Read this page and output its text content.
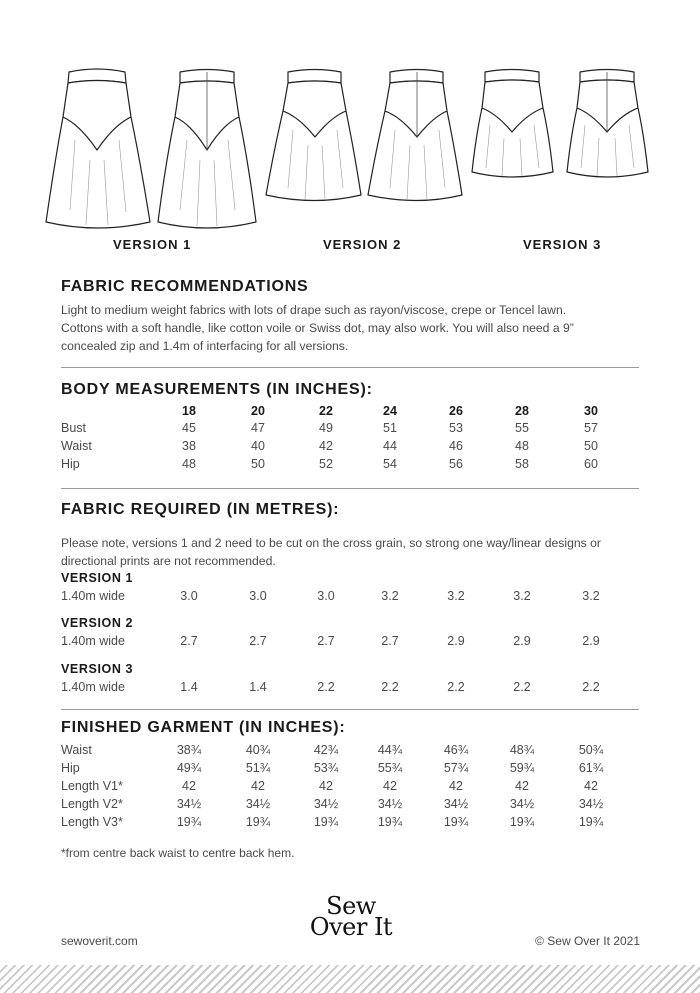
VERSION 1	VERSION 2	VERSION 3
FABRIC RECOMMENDATIONS

Light to medium weight fabrics with lots of drape such as rayon/viscose, crepe or Tencel lawn.

Cottons with a soft handle, like cotton voile or Swiss dot, may also work. You will also need a 9”

concealed zip and 1.4m of interfacing for all versions.

BODY MEASUREMENTS (IN INCHES):
18	20	22	24	26	28	30
Bust	45	47	49	51	53	55	57
Waist	38	40	42	44	46	48	50
Hip	48	50	52	54	56	58	60
FABRIC REQUIRED (IN METRES):

Please note, versions 1 and 2 need to be cut on the cross grain, so strong one way/linear designs or

directional prints are not recommended.

VERSION 1
1.40m wide	3.0	3.0	3.0	3.2	3.2	3.2	3.2
VERSION 2
1.40m wide	2.7	2.7	2.7	2.7	2.9	2.9	2.9
VERSION 3
1.40m wide	1.4	1.4	2.2	2.2	2.2	2.2	2.2
FINISHED GARMENT (IN INCHES):
Waist	38¾	40¾	42¾	44¾	46¾	48¾	50¾
Hip	49¾	51¾	53¾	55¾	57¾	59¾	61¾
Length V1*	42	42	42	42	42	42	42
Length V2*	34½	34½	34½	34½	34½	34½	34½
Length V3*	19¾	19¾	19¾	19¾	19¾	19¾	19¾
*from centre back waist to centre back hem.
Sew
Over It
sewoverit.com	© Sew Over It 2021
